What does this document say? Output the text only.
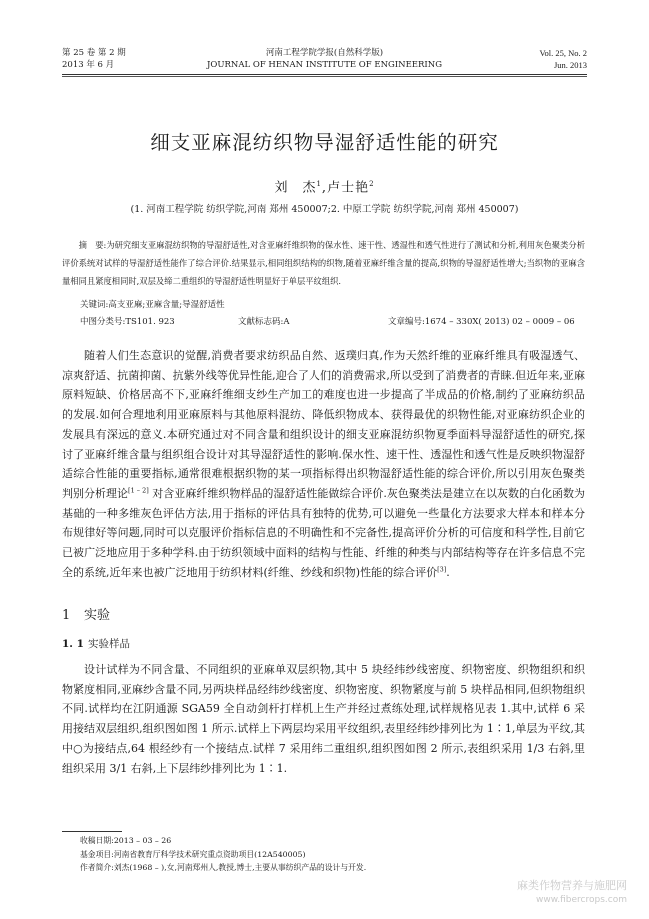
第 25 卷 第 2 期
2013 年 6 月
河南工程学院学报(自然科学版)
JOURNAL OF HENAN INSTITUTE OF ENGINEERING
Vol. 25, No. 2
Jun. 2013
细支亚麻混纺织物导湿舒适性能的研究
刘　杰$^1$,卢士艳$^2$
(1. 河南工程学院 纺织学院,河南 郑州 450007;2. 中原工学院 纺织学院,河南 郑州 450007)

摘　要:为研究细支亚麻混纺织物的导湿舒适性,对含亚麻纤维织物的保水性、速干性、透湿性和透气性进行了测试和分析,利用灰色聚类分析评价系统对试样的导湿舒适性能作了综合评价.结果显示,相同组织结构的织物,随着亚麻纤维含量的提高,织物的导湿舒适性增大;当织物的亚麻含量相同且紧度相同时,双层及缔二重组织的导湿舒适性明显好于单层平纹组织.

关键词:高支亚麻;亚麻含量;导湿舒适性
中图分类号:TS101. 923	文献标志码:A	文章编号:1674 – 330X( 2013) 02 – 0009 – 06

随着人们生态意识的觉醒,消费者要求纺织品自然、返璞归真,作为天然纤维的亚麻纤维具有吸湿透气、凉爽舒适、抗菌抑菌、抗紫外线等优异性能,迎合了人们的消费需求,所以受到了消费者的青睐.但近年来,亚麻原料短缺、价格居高不下,亚麻纤维细支纱生产加工的难度也进一步提高了半成品的价格,制约了亚麻纺织品的发展.如何合理地利用亚麻原料与其他原料混纺、降低织物成本、获得最优的织物性能,对亚麻纺织企业的发展具有深远的意义.本研究通过对不同含量和组织设计的细支亚麻混纺织物夏季面料导湿舒适性的研究,探讨了亚麻纤维含量与组织组合设计对其导湿舒适性的影响.保水性、速干性、透湿性和透气性是反映织物湿舒适综合性能的重要指标,通常很难根据织物的某一项指标得出织物湿舒适性能的综合评价,所以引用灰色聚类判别分析理论[1 – 2] 对含亚麻纤维织物样品的湿舒适性能做综合评价.灰色聚类法是建立在以灰数的白化函数为基础的一种多维灰色评估方法,用于指标的评估具有独特的优势,可以避免一些量化方法要求大样本和样本分布规律好等问题,同时可以克服评价指标信息的不明确性和不完备性,提高评价分析的可信度和科学性,目前它已被广泛地应用于多种学科.由于纺织领域中面料的结构与性能、纤维的种类与内部结构等存在许多信息不完全的系统,近年来也被广泛地用于纺织材料(纤维、纱线和织物)性能的综合评价[3].

1 实验
1. 1 实验样品

设计试样为不同含量、不同组织的亚麻单双层织物,其中 5 块经纬纱线密度、织物密度、织物组织和织物紧度相同,亚麻纱含量不同,另两块样品经纬纱线密度、织物密度、织物紧度与前 5 块样品相同,但织物组织不同.试样均在江阴通源 SGA59 全自动剑杆打样机上生产并经过煮练处理,试样规格见表 1.其中,试样 6 采用接结双层组织,组织图如图 1 所示.试样上下两层均采用平纹组织,表里经纬纱排列比为 1∶1,单层为平纹,其中○为接结点,64 根经纱有一个接结点.试样 7 采用纬二重组织,组织图如图 2 所示,表组织采用 1/3 右斜,里组织采用 3/1 右斜,上下层纬纱排列比为 1∶1.

收稿日期:2013 – 03 – 26
基金项目:河南省教育厅科学技术研究重点资助项目(12A540005)
作者简介:刘杰(1968 – ),女,河南郑州人,教授,博士,主要从事纺织产品的设计与开发.
麻类作物营养与施肥网
www.fibercrops.com
